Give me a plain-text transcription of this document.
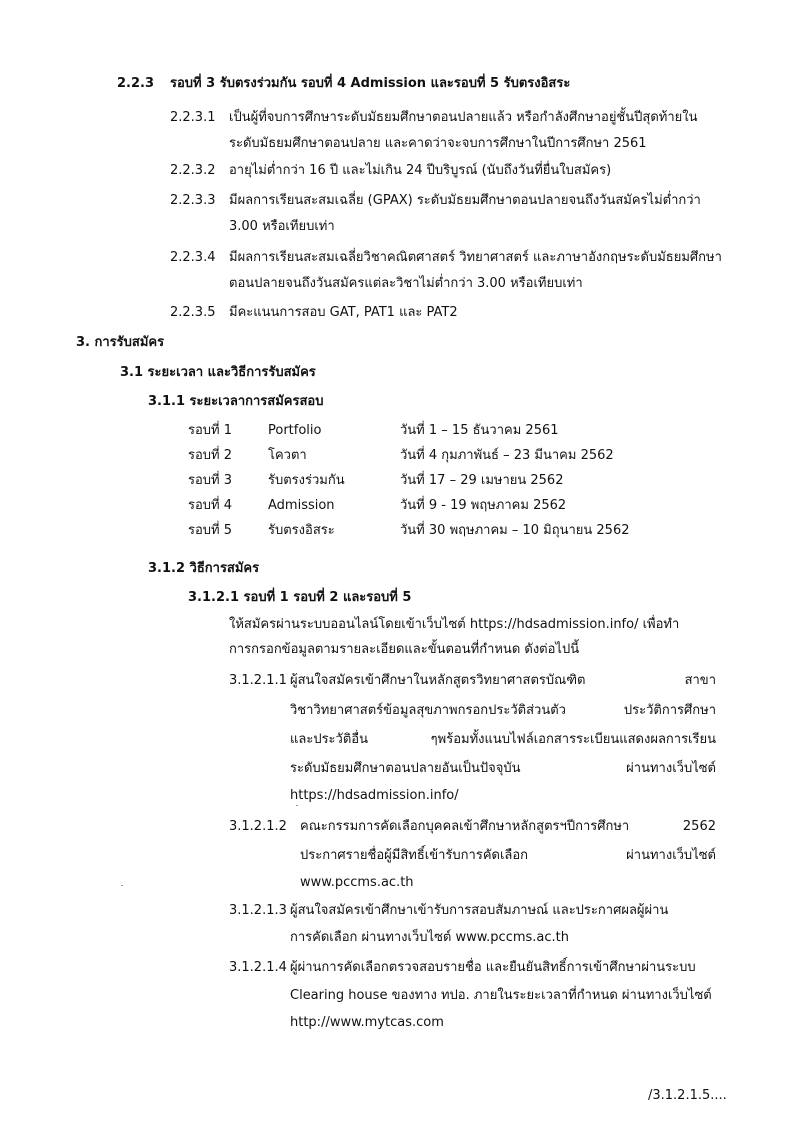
2.2.3 รอบที่ 3 รับตรงร่วมกัน รอบที่ 4 Admission และรอบที่ 5 รับตรงอิสระ
2.2.3.1 เป็นผู้ที่จบการศึกษาระดับมัธยมศึกษาตอนปลายแล้ว หรือกำลังศึกษาอยู่ชั้นปีสุดท้ายใน
ระดับมัธยมศึกษาตอนปลาย และคาดว่าจะจบการศึกษาในปีการศึกษา 2561
2.2.3.2 อายุไม่ต่ำกว่า 16 ปี และไม่เกิน 24 ปีบริบูรณ์ (นับถึงวันที่ยื่นใบสมัคร)
2.2.3.3 มีผลการเรียนสะสมเฉลี่ย (GPAX) ระดับมัธยมศึกษาตอนปลายจนถึงวันสมัครไม่ต่ำกว่า
3.00 หรือเทียบเท่า
2.2.3.4 มีผลการเรียนสะสมเฉลี่ยวิชาคณิตศาสตร์ วิทยาศาสตร์ และภาษาอังกฤษระดับมัธยมศึกษา
ตอนปลายจนถึงวันสมัครแต่ละวิชาไม่ต่ำกว่า 3.00 หรือเทียบเท่า
2.2.3.5 มีคะแนนการสอบ GAT, PAT1 และ PAT2
3. การรับสมัคร
3.1 ระยะเวลา และวิธีการรับสมัคร
3.1.1 ระยะเวลาการสมัครสอบ
รอบที่ 1	Portfolio	วันที่ 1 – 15 ธันวาคม 2561
รอบที่ 2	โควตา	วันที่ 4 กุมภาพันธ์ – 23 มีนาคม 2562
รอบที่ 3	รับตรงร่วมกัน	วันที่ 17 – 29 เมษายน 2562
รอบที่ 4	Admission	วันที่ 9 - 19 พฤษภาคม 2562
รอบที่ 5	รับตรงอิสระ	วันที่ 30 พฤษภาคม – 10 มิถุนายน 2562
3.1.2 วิธีการสมัคร
3.1.2.1 รอบที่ 1 รอบที่ 2 และรอบที่ 5
ให้สมัครผ่านระบบออนไลน์โดยเข้าเว็บไซต์ https://hdsadmission.info/ เพื่อทำ
การกรอกข้อมูลตามรายละเอียดและขั้นตอนที่กำหนด ดังต่อไปนี้
3.1.2.1.1 ผู้สนใจสมัครเข้าศึกษาในหลักสูตรวิทยาศาสตรบัณฑิต สาขา
วิชาวิทยาศาสตร์ข้อมูลสุขภาพกรอกประวัติส่วนตัว ประวัติการศึกษา
และประวัติอื่น ๆพร้อมทั้งแนบไฟล์เอกสารระเบียนแสดงผลการเรียน
ระดับมัธยมศึกษาตอนปลายอันเป็นปัจจุบัน ผ่านทางเว็บไซต์
https://hdsadmission.info/
3.1.2.1.2 คณะกรรมการคัดเลือกบุคคลเข้าศึกษาหลักสูตรฯปีการศึกษา 2562
ประกาศรายชื่อผู้มีสิทธิ์เข้ารับการคัดเลือก ผ่านทางเว็บไซต์
www.pccms.ac.th
3.1.2.1.3 ผู้สนใจสมัครเข้าศึกษาเข้ารับการสอบสัมภาษณ์ และประกาศผลผู้ผ่าน
การคัดเลือก ผ่านทางเว็บไซต์ www.pccms.ac.th
3.1.2.1.4 ผู้ผ่านการคัดเลือกตรวจสอบรายชื่อ และยืนยันสิทธิ์การเข้าศึกษาผ่านระบบ
Clearing house ของทาง ทปอ. ภายในระยะเวลาที่กำหนด ผ่านทางเว็บไซต์
http://www.mytcas.com
/3.1.2.1.5....
